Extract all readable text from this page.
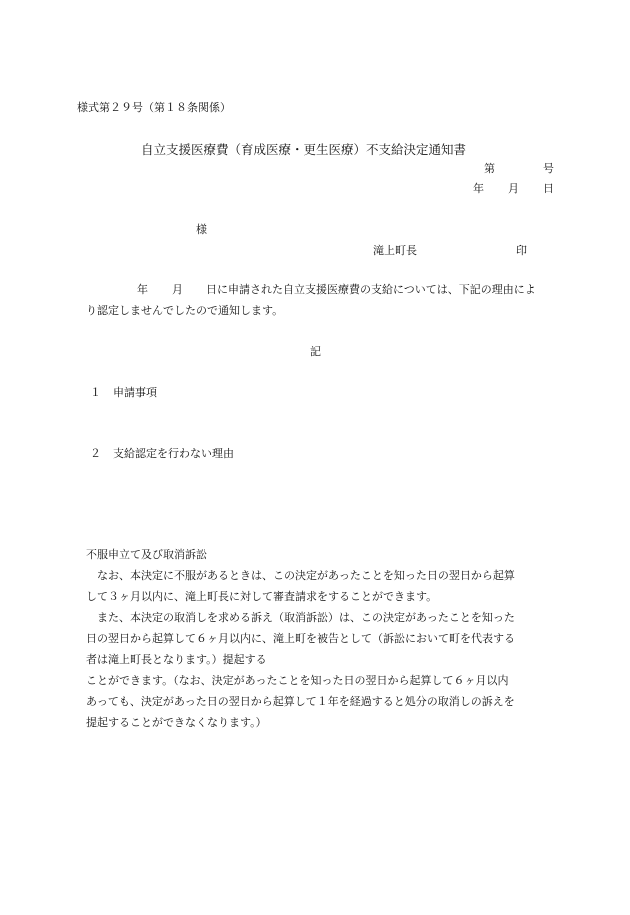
様式第２９号（第１８条関係）
自立支援医療費（育成医療・更生医療）不支給決定通知書
第	号
年 月 日
様
滝上町長	印
年 月 日に申請された自立支援医療費の支給については、下記の理由によ
り認定しませんでしたので通知します。
記
１ 申請事項
２ 支給認定を行わない理由
不服申立て及び取消訴訟
なお、本決定に不服があるときは、この決定があったことを知った日の翌日から起算
して３ヶ月以内に、滝上町長に対して審査請求をすることができます。
また、本決定の取消しを求める訴え（取消訴訟）は、この決定があったことを知った
日の翌日から起算して６ヶ月以内に、滝上町を被告として（訴訟において町を代表する
者は滝上町長となります。）提起する
ことができます。（なお、決定があったことを知った日の翌日から起算して６ヶ月以内
あっても、決定があった日の翌日から起算して１年を経過すると処分の取消しの訴えを
提起することができなくなります。）
